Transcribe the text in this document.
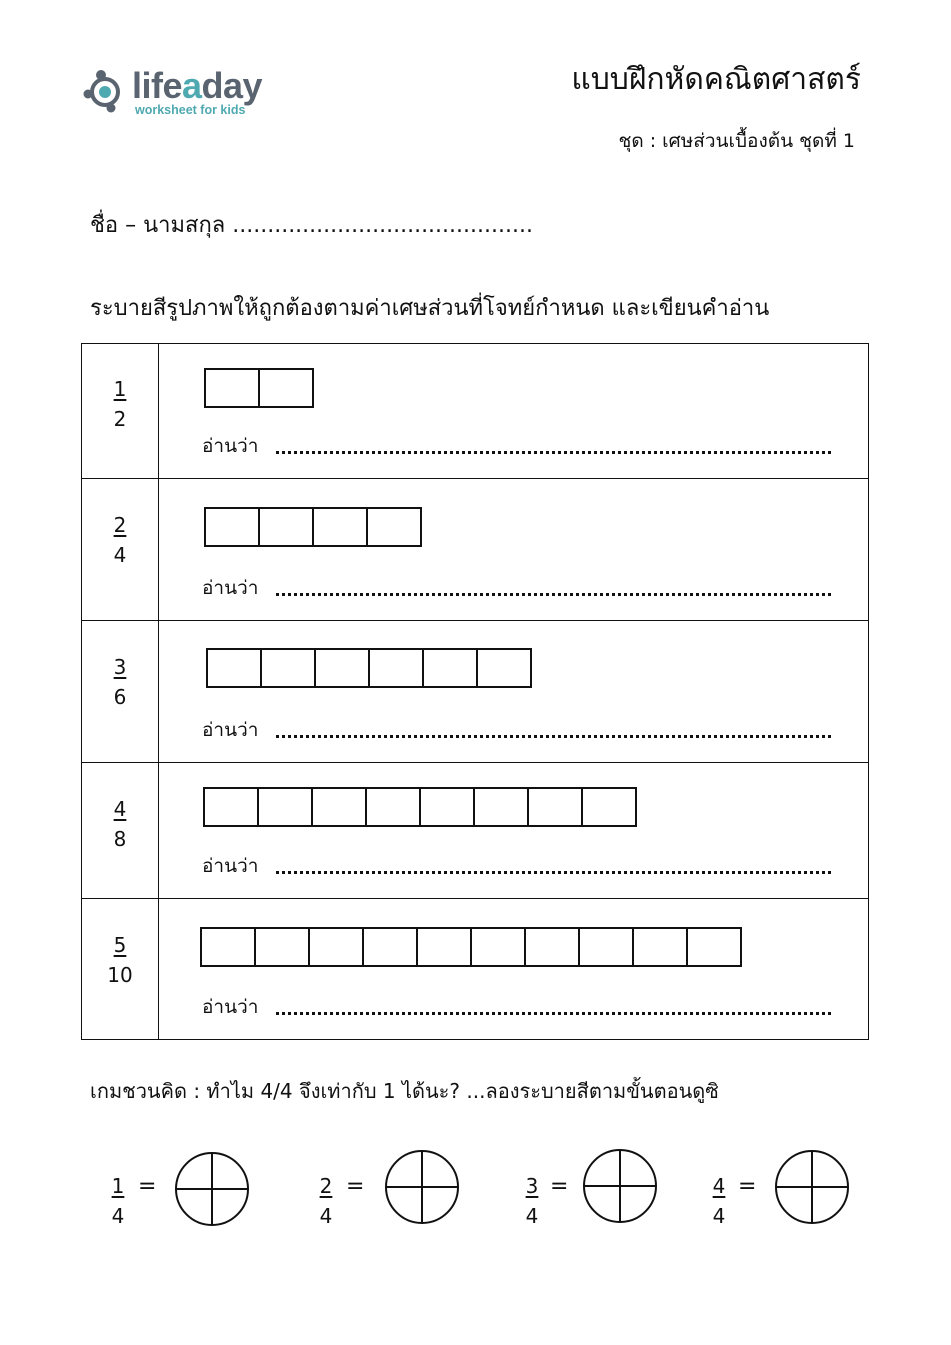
lifeaday
worksheet for kids
แบบฝึกหัดคณิตศาสตร์
ชุด : เศษส่วนเบื้องต้น ชุดที่ 1
ชื่อ – นามสกุล ...........................................
ระบายสีรูปภาพให้ถูกต้องตามค่าเศษส่วนที่โจทย์กำหนด และเขียนคำอ่าน
$\frac{1}{2}$
อ่านว่า
$\frac{2}{4}$
อ่านว่า
$\frac{3}{6}$
อ่านว่า
$\frac{4}{8}$
อ่านว่า
$\frac{5}{10}$
อ่านว่า
เกมชวนคิด : ทำไม 4/4 จึงเท่ากับ 1 ได้นะ? ...ลองระบายสีตามขั้นตอนดูซิ
$\frac{1}{4}$ =	$\frac{2}{4}$ =	$\frac{3}{4}$ =	$\frac{4}{4}$ =
